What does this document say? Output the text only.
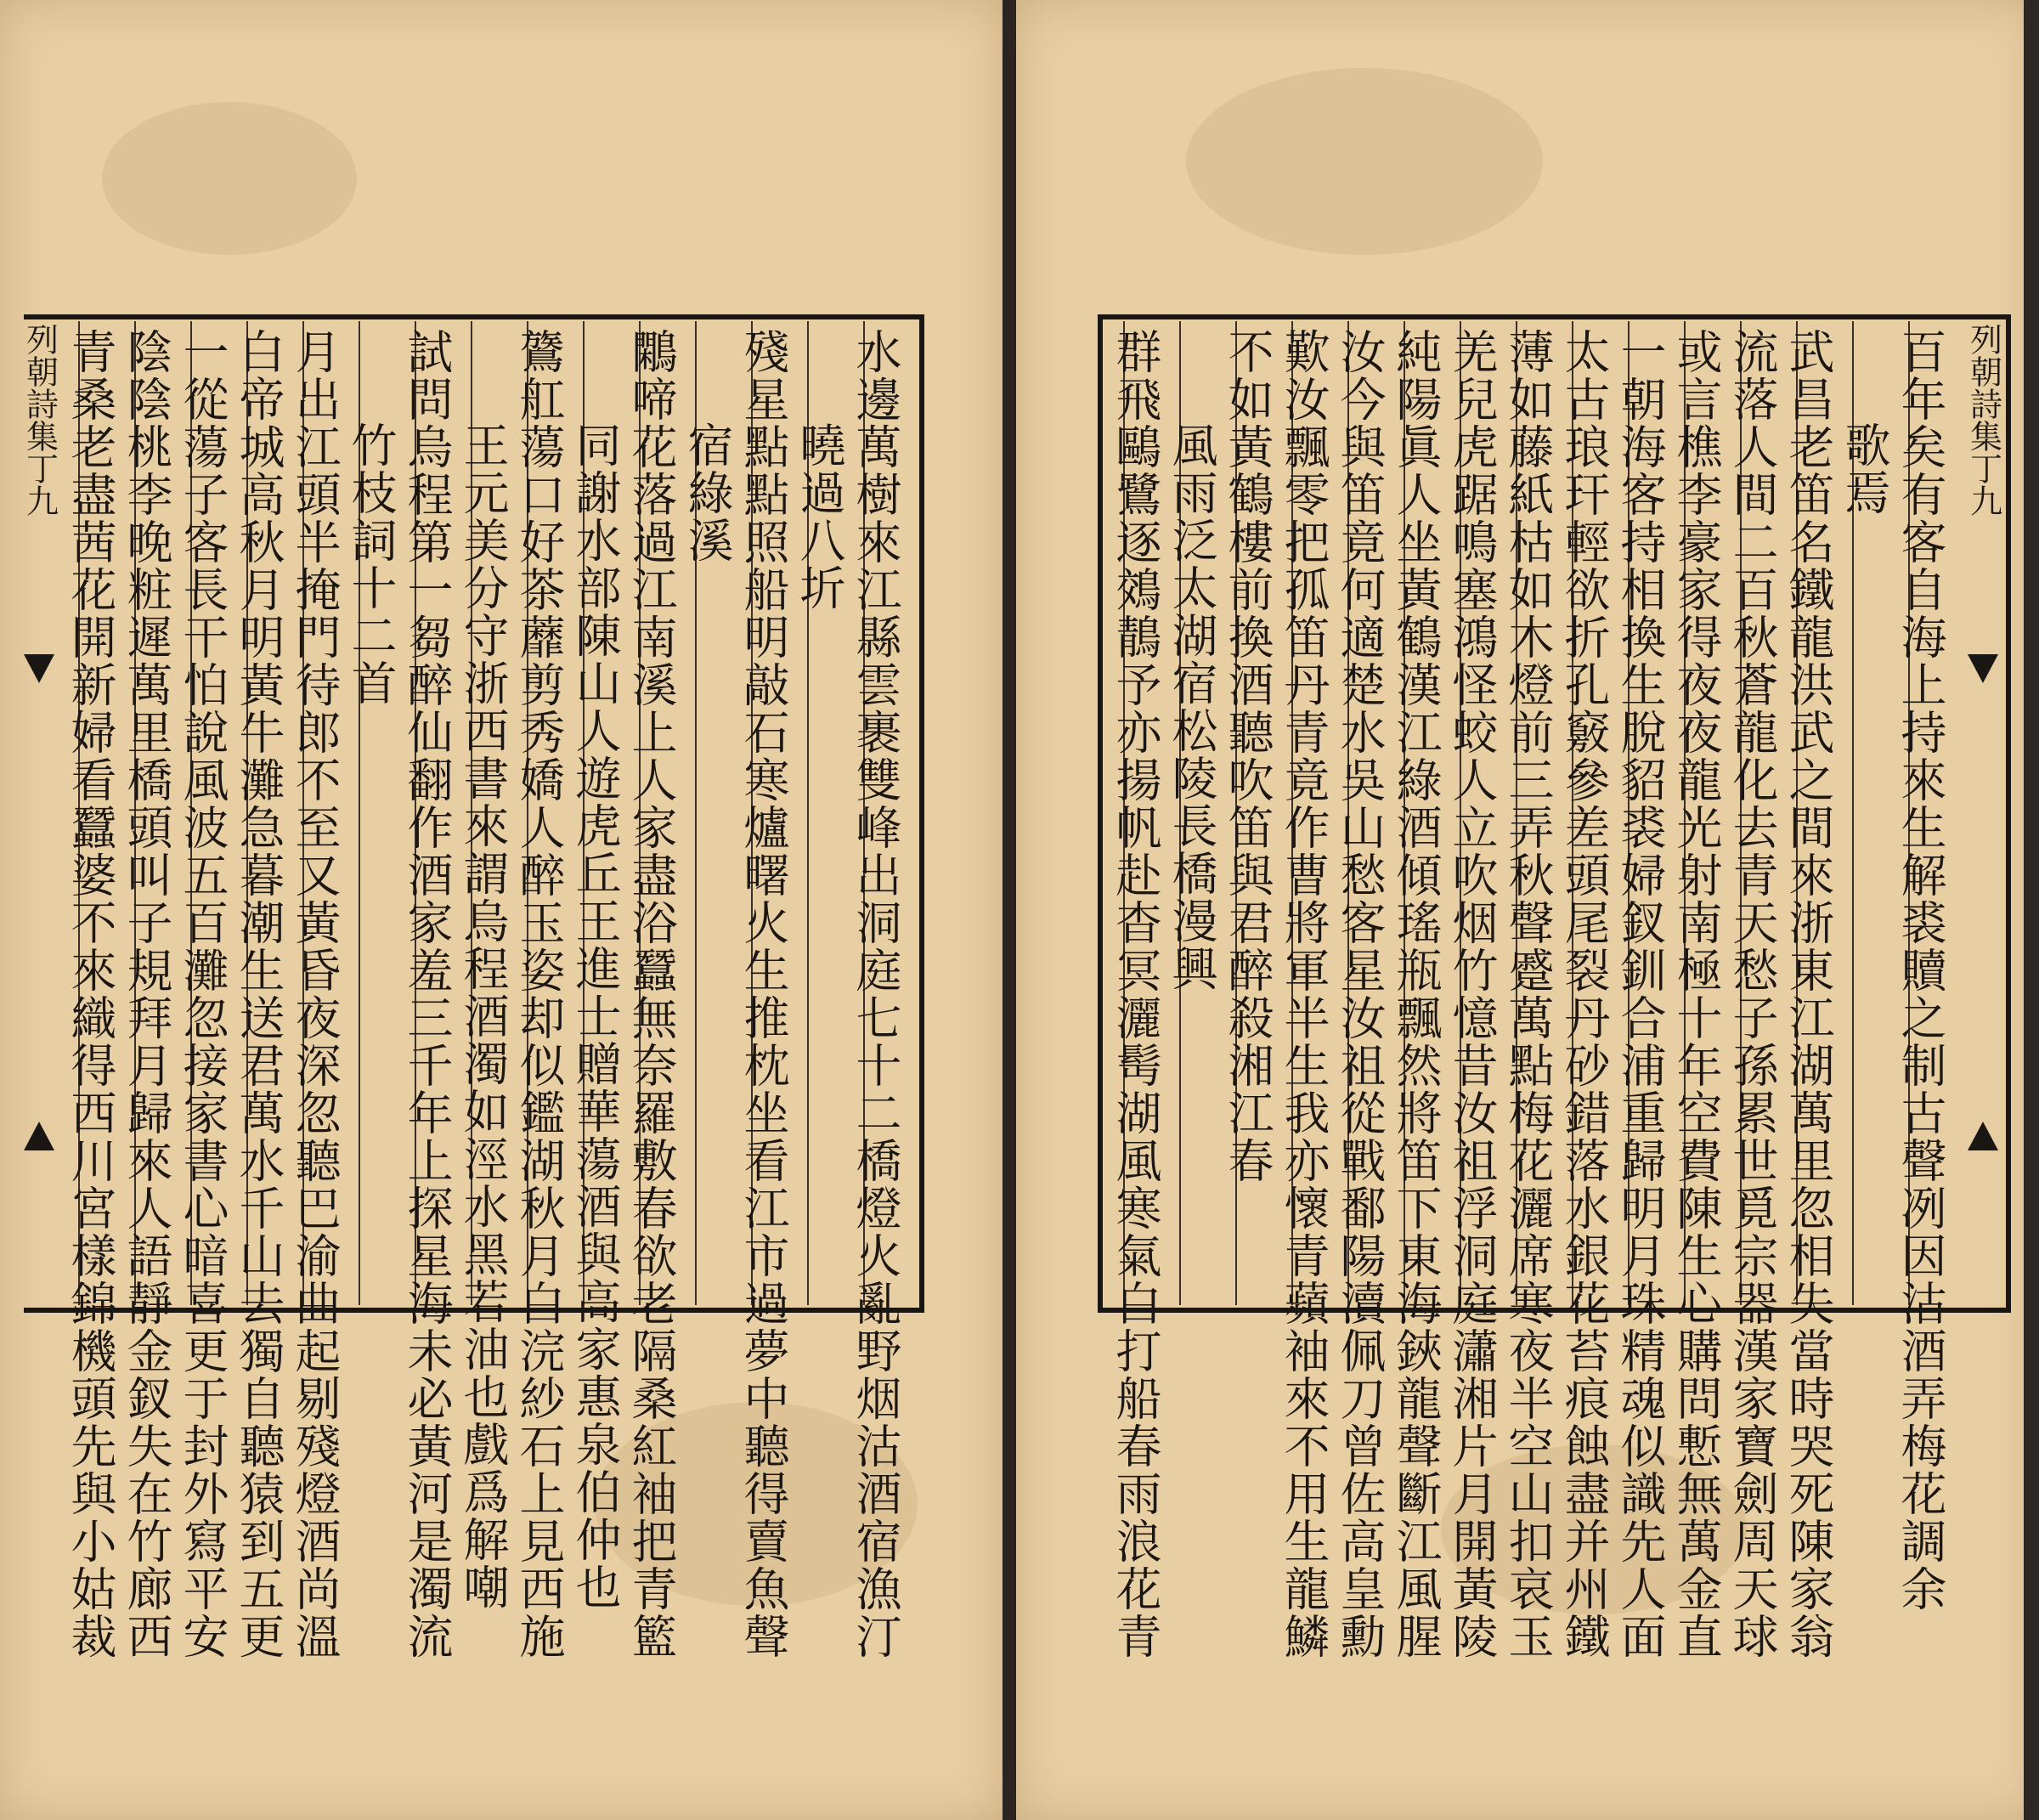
列朝詩集丁九	水邊萬樹來江縣雲裹雙峰出洞庭七十二橋燈火亂野烟沽酒宿漁汀
曉過八圻
殘星點點照船明敲石寒爐曙火生推枕坐看江市過夢中聽得賣魚聲
宿綠溪
鷴啼花落過江南溪上人家盡浴蠶無奈羅敷春欲老隔桑紅袖把青籃
同謝水部陳山人遊虎丘王進士贈華蕩酒與高家惠泉伯仲也
鷟舡蕩口好茶蘼剪秀嬌人醉玉姿却似鑑湖秋月白浣紗石上見西施
王元美分守浙西書來謂烏程酒濁如涇水黑若油也戲爲解嘲
試問烏程第一芻醉仙翻作酒家羞三千年上探星海未必黃河是濁流
竹枝詞十二首
月出江頭半掩門待郎不至又黃昏夜深忽聽巴渝曲起剔殘燈酒尚溫
白帝城高秋月明黃牛灘急暮潮生送君萬水千山去獨自聽猿到五更
一從蕩子客長干怕說風波五百灘忽接家書心暗喜更于封外寫平安
陰陰桃李晚粧遲萬里橋頭叫子規拜月歸來人語靜金釵失在竹廊西
青桑老盡茜花開新婦看蠶婆不來織得西川宮樣錦機頭先與小姑裁	列朝詩集丁九
百年矣有客自海上持來生解裘贖之制古聲冽因沽酒弄梅花調余
歌焉
武昌老笛名鐵龍洪武之間來浙東江湖萬里忽相失當時哭死陳家翁
流落人間二百秋蒼龍化去青天愁子孫累世覓宗器漢家寶劍周天球
或言樵李豪家得夜夜龍光射南極十年空費陳生心購問慙無萬金直
一朝海客持相換生脫貂裘婦釵釧合浦重歸明月珠精魂似識先人面
太古琅玕輕欲折孔竅參差頭尾裂丹砂錯落水銀花苔痕蝕盡并州鐵
薄如藤紙枯如木燈前三弄秋聲蹙萬點梅花灑席寒夜半空山扣哀玉
羌兒虎踞鳴塞鴻怪蛟人立吹烟竹憶昔汝祖浮洞庭瀟湘片月開黃陵
純陽眞人坐黃鶴漢江綠酒傾瑤瓶飄然將笛下東海鋏龍聲斷江風腥
汝今與笛竟何適楚水吳山愁客星汝祖從戰鄱陽瀆佩刀曾佐高皇勳
歎汝飄零把孤笛丹青竟作曹將軍半生我亦懷青蘋袖來不用生龍鱗
不如黃鶴樓前換酒聽吹笛與君醉殺湘江春
風雨泛太湖宿松陵長橋漫興
群飛鷗鷺逐鵁鶄予亦揚帆赴杳冥灑髩湖風寒氣白打船春雨浪花青
